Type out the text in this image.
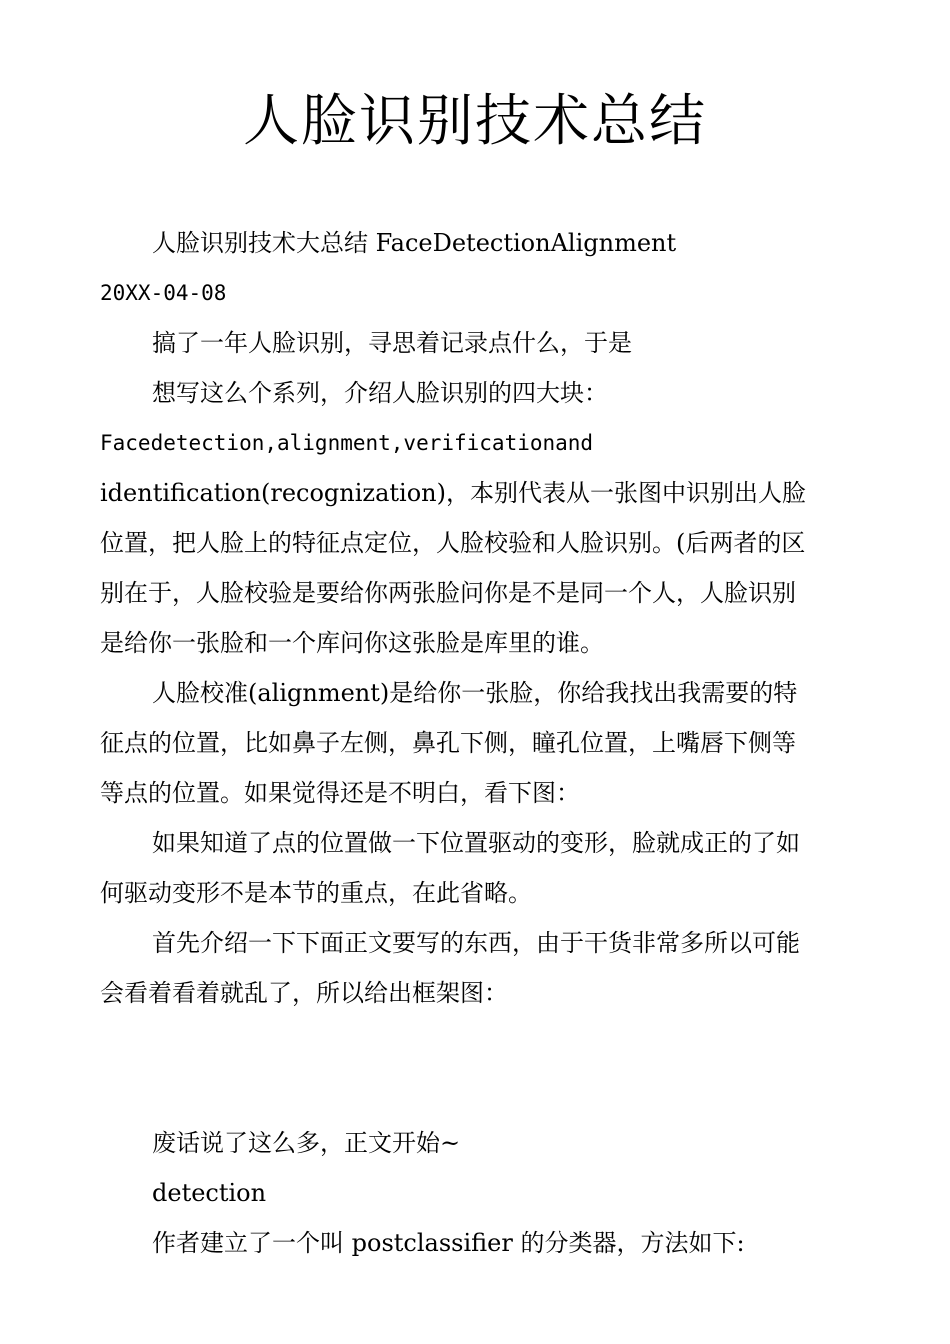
人脸识别技术总结
人脸识别技术大总结 FaceDetectionAlignment
20XX-04-08
搞了一年人脸识别，寻思着记录点什么，于是
想写这么个系列，介绍人脸识别的四大块：
Facedetection,alignment,verificationand
identification(recognization)，本别代表从一张图中识别出人脸
位置，把人脸上的特征点定位，人脸校验和人脸识别。(后两者的区
别在于，人脸校验是要给你两张脸问你是不是同一个人，人脸识别
是给你一张脸和一个库问你这张脸是库里的谁。
人脸校准(alignment)是给你一张脸，你给我找出我需要的特
征点的位置，比如鼻子左侧，鼻孔下侧，瞳孔位置，上嘴唇下侧等
等点的位置。如果觉得还是不明白，看下图：
如果知道了点的位置做一下位置驱动的变形，脸就成正的了如
何驱动变形不是本节的重点，在此省略。
首先介绍一下下面正文要写的东西，由于干货非常多所以可能
会看着看着就乱了，所以给出框架图：
废话说了这么多，正文开始~
detection
作者建立了一个叫 postclassifier 的分类器，方法如下:
